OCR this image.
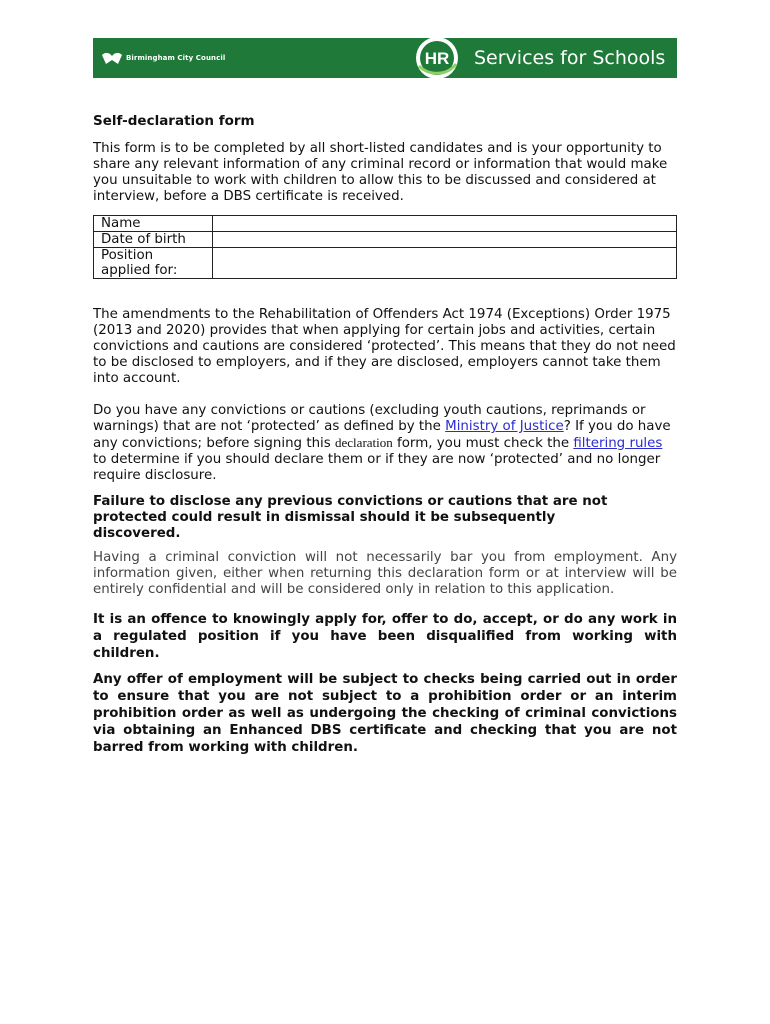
Birmingham City Council	HR Services for Schools
Self-declaration form

This form is to be completed by all short-listed candidates and is your opportunity to share any relevant information of any criminal record or information that would make you unsuitable to work with children to allow this to be discussed and considered at interview, before a DBS certificate is received.

Name	
Date of birth	
Position applied for:	

The amendments to the Rehabilitation of Offenders Act 1974 (Exceptions) Order 1975 (2013 and 2020) provides that when applying for certain jobs and activities, certain convictions and cautions are considered ‘protected’. This means that they do not need to be disclosed to employers, and if they are disclosed, employers cannot take them into account.

Do you have any convictions or cautions (excluding youth cautions, reprimands or warnings) that are not ‘protected’ as defined by the Ministry of Justice? If you do have any convictions; before signing this declaration form, you must check the filtering rules to determine if you should declare them or if they are now ‘protected’ and no longer require disclosure.

Failure to disclose any previous convictions or cautions that are not protected could result in dismissal should it be subsequently discovered.

Having a criminal conviction will not necessarily bar you from employment. Any information given, either when returning this declaration form or at interview will be entirely confidential and will be considered only in relation to this application.

It is an offence to knowingly apply for, offer to do, accept, or do any work in a regulated position if you have been disqualified from working with children.

Any offer of employment will be subject to checks being carried out in order to ensure that you are not subject to a prohibition order or an interim prohibition order as well as undergoing the checking of criminal convictions via obtaining an Enhanced DBS certificate and checking that you are not barred from working with children.
